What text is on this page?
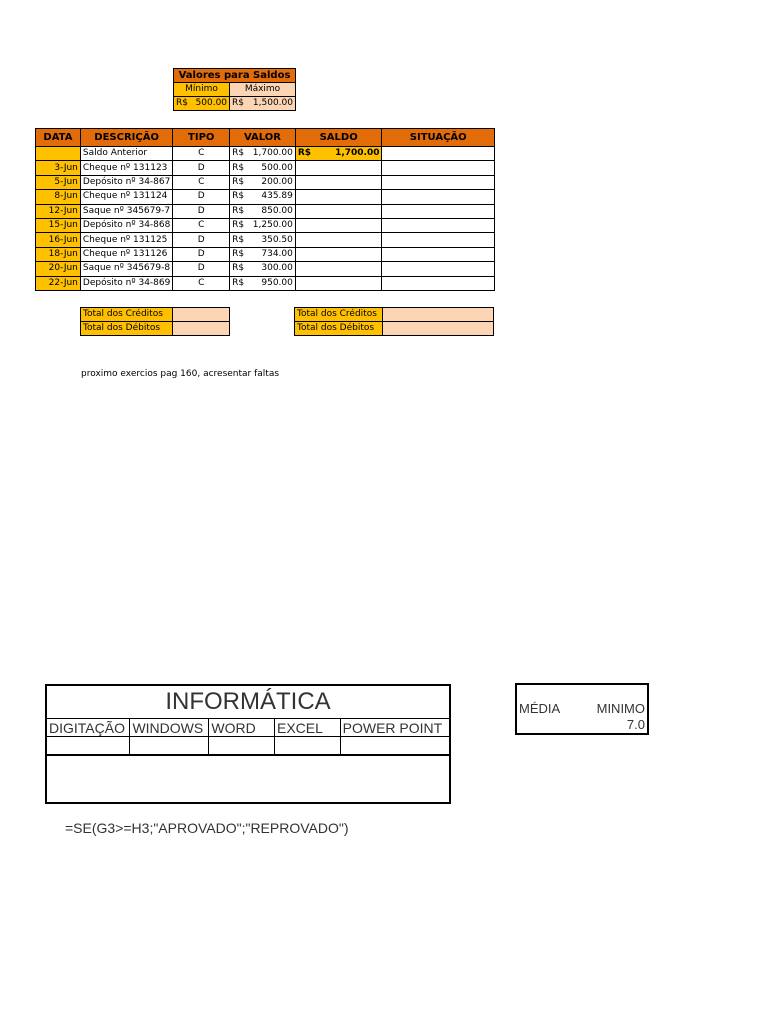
Valores para Saldos	
Mínimo	Máximo

R$ 500.00	R$ 1,500.00
DATA	DESCRIÇÃO	TIPO	VALOR	SALDO	SITUAÇÃO
	Saldo Anterior	C	R$ 1,700.00	R$ 1,700.00	

3-Jun	Cheque nº 131123	D	R$ 500.00		

5-Jun	Depósito nº 34-867	C	R$ 200.00		

8-Jun	Cheque nº 131124	D	R$ 435.89		

12-Jun	Saque nº 345679-7	D	R$ 850.00		

15-Jun	Depósito nº 34-868	C	R$ 1,250.00		

16-Jun	Cheque nº 131125	D	R$ 350.50		

18-Jun	Cheque nº 131126	D	R$ 734.00		

20-Jun	Saque nº 345679-8	D	R$ 300.00		

22-Jun	Depósito nº 34-869	C	R$ 950.00		

Total dos Créditos	
Total dos Débitos	
Total dos Créditos	
Total dos Débitos	
proximo exercios pag 160, acresentar faltas
INFORMÁTICA				
DIGITAÇÃO	WINDOWS	WORD	EXCEL	POWER POINT

MÉDIA	MINIMO
	7.0
=SE(G3>=H3;"APROVADO";"REPROVADO")
